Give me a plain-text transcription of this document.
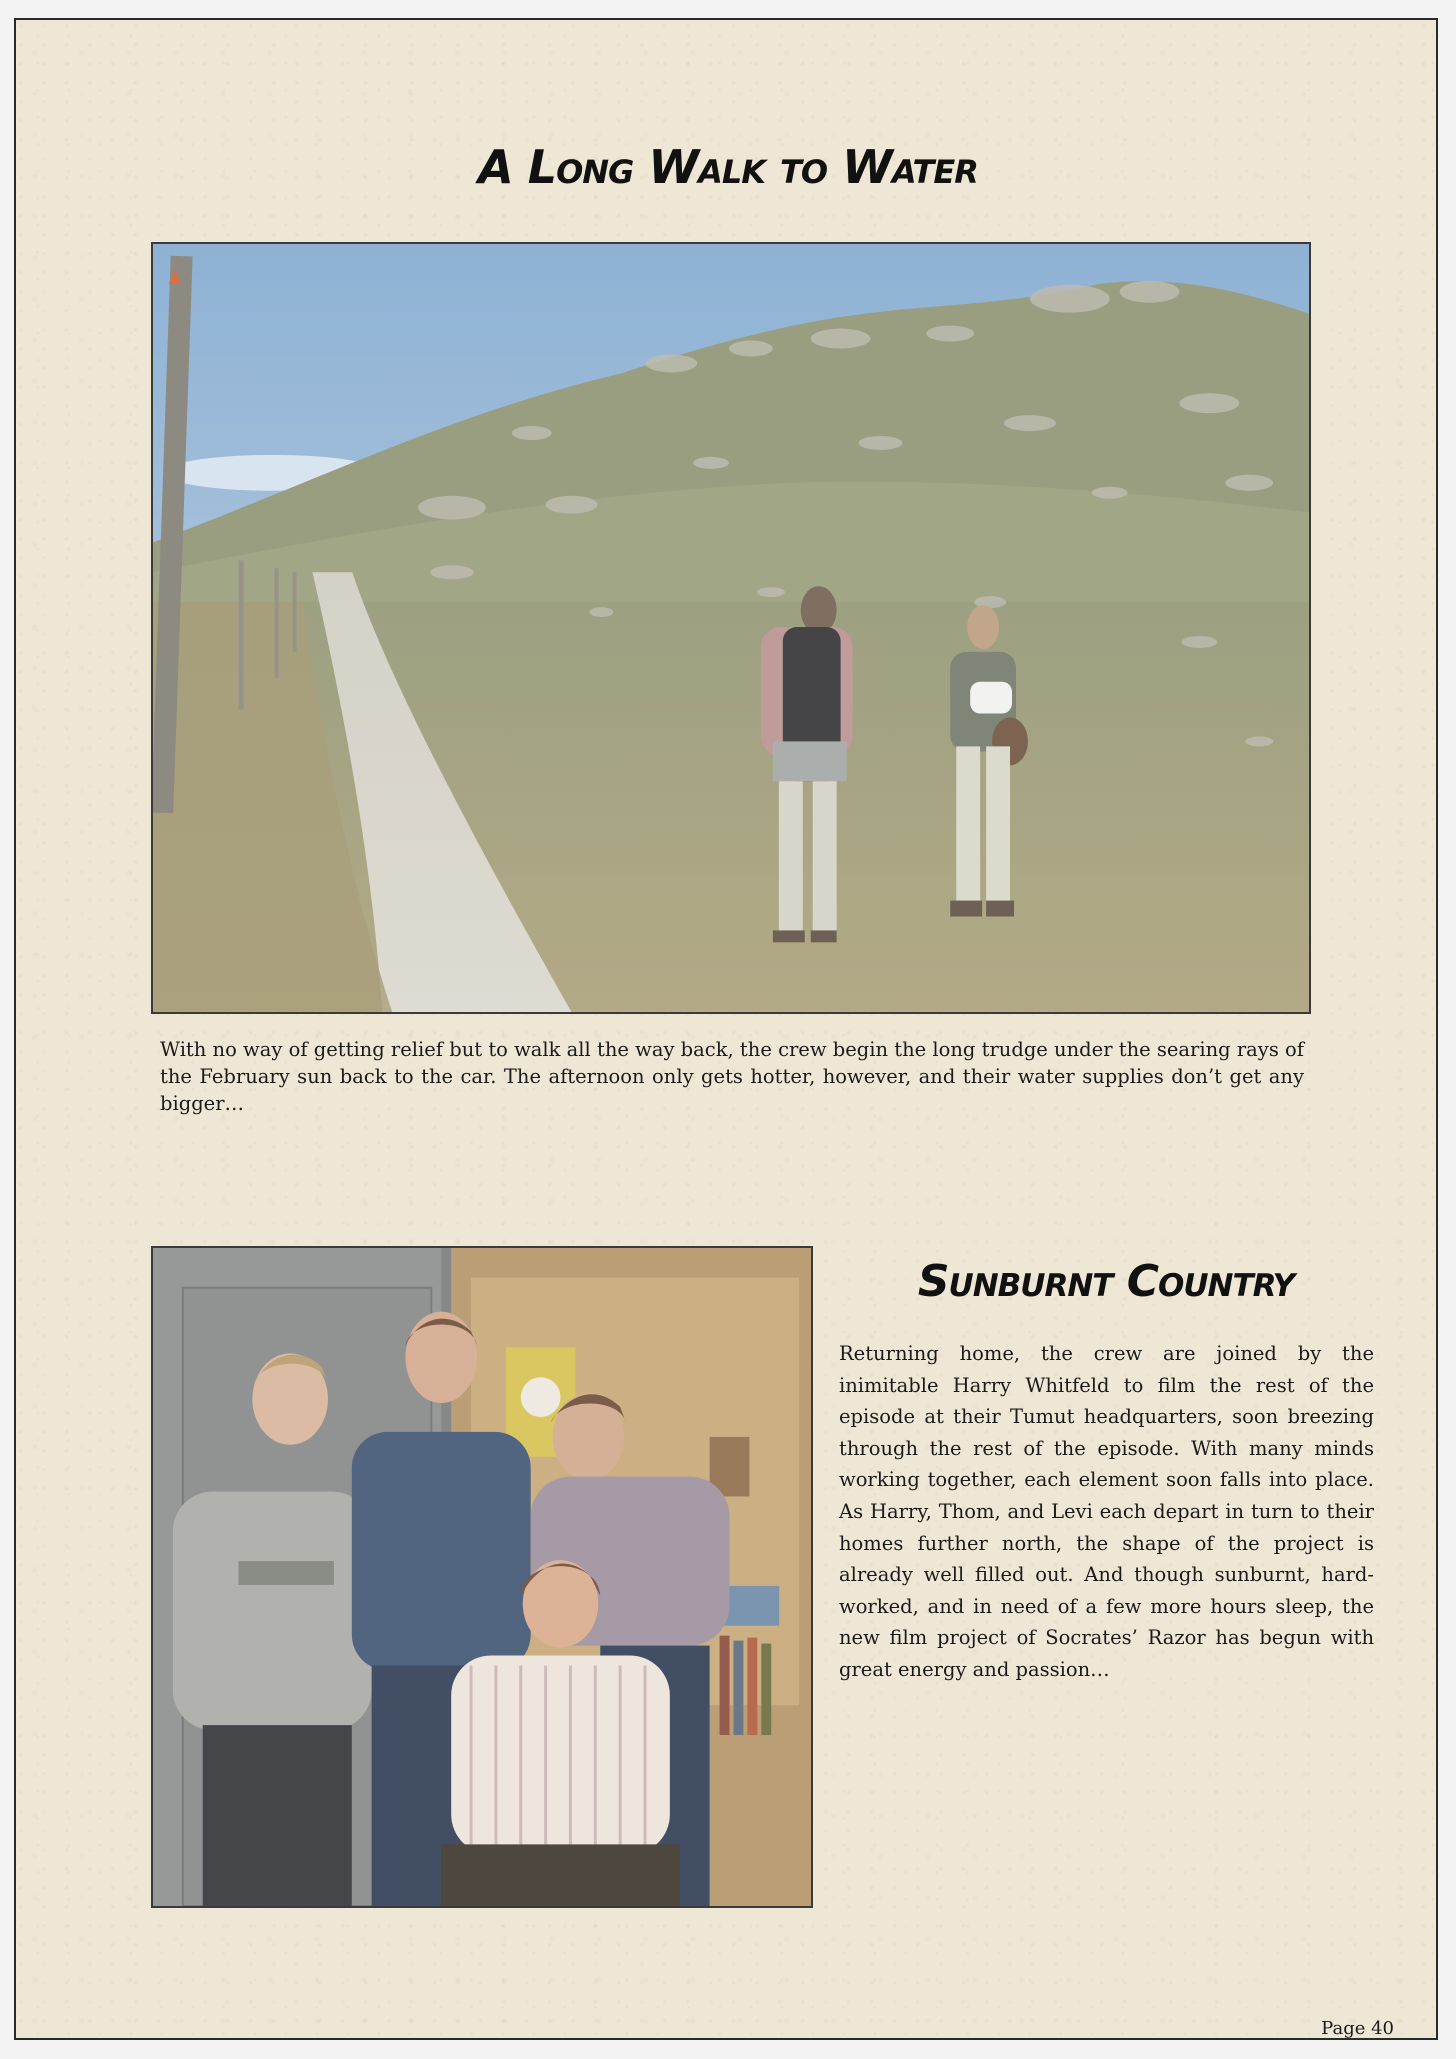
A Long Walk to Water

With no way of getting relief but to walk all the way back, the crew begin the long trudge under the searing rays of the February sun back to the car. The afternoon only gets hotter, however, and their water supplies don’t get any bigger…

Sunburnt Country

Returning home, the crew are joined by the inimitable Harry Whitfeld to film the rest of the episode at their Tumut headquarters, soon breezing through the rest of the episode. With many minds working together, each element soon falls into place. As Harry, Thom, and Levi each depart in turn to their homes further north, the shape of the project is already well filled out. And though sunburnt, hard-worked, and in need of a few more hours sleep, the new film project of Socrates’ Razor has begun with great energy and passion…

Page 40
